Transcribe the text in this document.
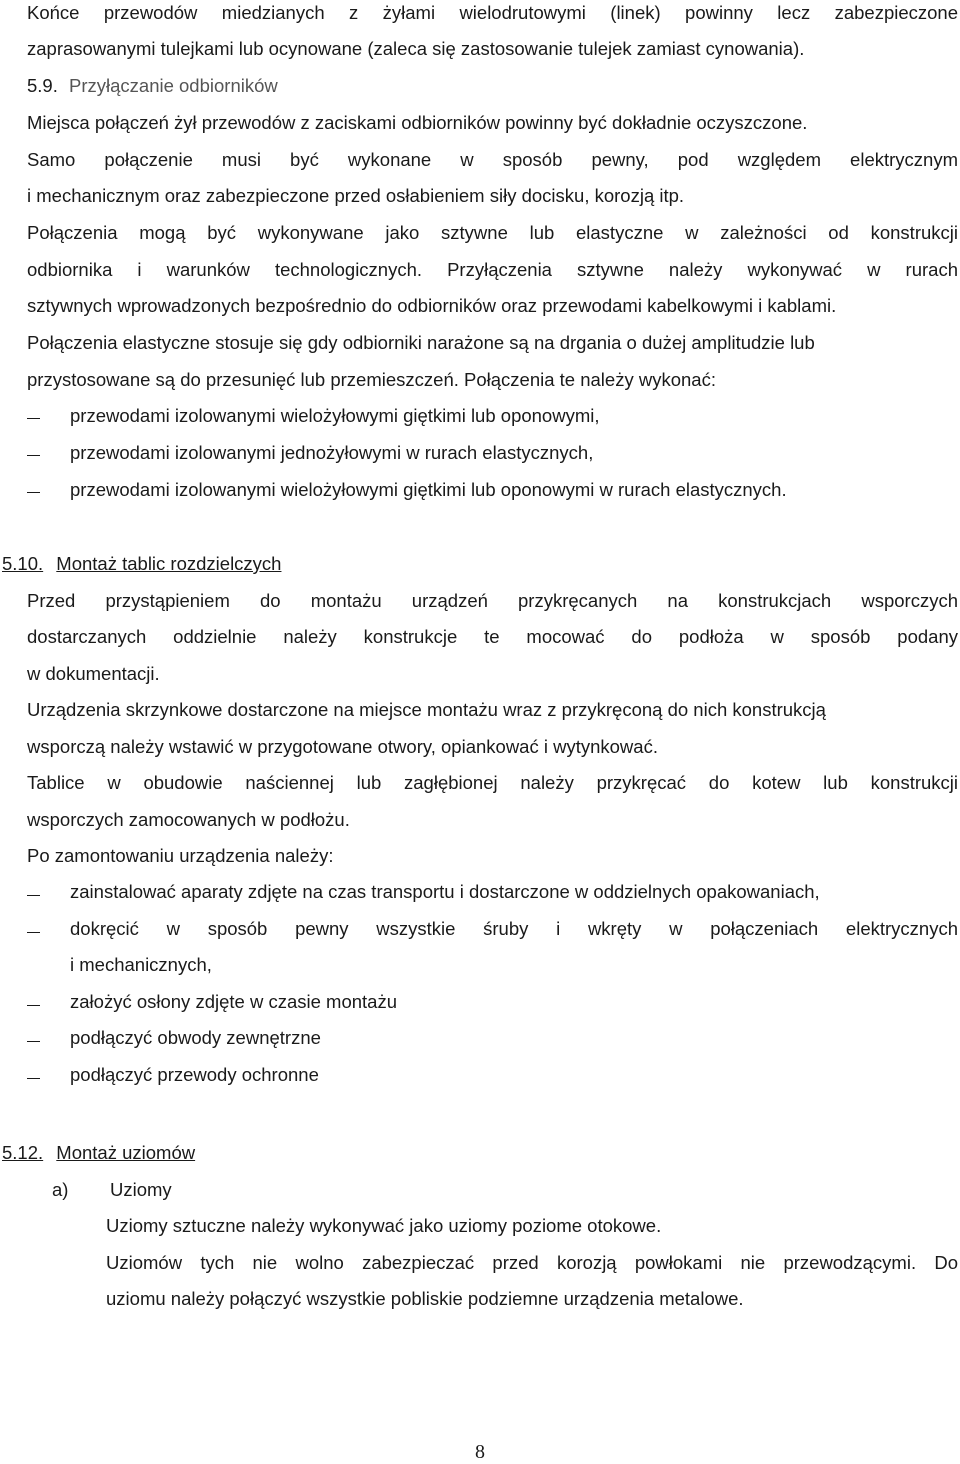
Końce przewodów miedzianych z żyłami wielodrutowymi (linek) powinny lecz zabezpieczone
zaprasowanymi tulejkami lub ocynowane (zaleca się zastosowanie tulejek zamiast cynowania).
5.9. Przyłączanie odbiorników
Miejsca połączeń żył przewodów z zaciskami odbiorników powinny być dokładnie oczyszczone.
Samo połączenie musi być wykonane w sposób pewny, pod względem elektrycznym
i mechanicznym oraz zabezpieczone przed osłabieniem siły docisku, korozją itp.
Połączenia mogą być wykonywane jako sztywne lub elastyczne w zależności od konstrukcji
odbiornika i warunków technologicznych. Przyłączenia sztywne należy wykonywać w rurach
sztywnych wprowadzonych bezpośrednio do odbiorników oraz przewodami kabelkowymi i kablami.
Połączenia elastyczne stosuje się gdy odbiorniki narażone są na drgania o dużej amplitudzie lub
przystosowane są do przesunięć lub przemieszczeń. Połączenia te należy wykonać:
przewodami izolowanymi wielożyłowymi giętkimi lub oponowymi,
przewodami izolowanymi jednożyłowymi w rurach elastycznych,
przewodami izolowanymi wielożyłowymi giętkimi lub oponowymi w rurach elastycznych.
5.10. Montaż tablic rozdzielczych
Przed przystąpieniem do montażu urządzeń przykręcanych na konstrukcjach wsporczych
dostarczanych oddzielnie należy konstrukcje te mocować do podłoża w sposób podany
w dokumentacji.
Urządzenia skrzynkowe dostarczone na miejsce montażu wraz z przykręconą do nich konstrukcją
wsporczą należy wstawić w przygotowane otwory, opiankować i wytynkować.
Tablice w obudowie naściennej lub zagłębionej należy przykręcać do kotew lub konstrukcji
wsporczych zamocowanych w podłożu.
Po zamontowaniu urządzenia należy:
zainstalować aparaty zdjęte na czas transportu i dostarczone w oddzielnych opakowaniach,
dokręcić w sposób pewny wszystkie śruby i wkręty w połączeniach elektrycznych
i mechanicznych,
założyć osłony zdjęte w czasie montażu
podłączyć obwody zewnętrzne
podłączyć przewody ochronne
5.12. Montaż uziomów
a) Uziomy
Uziomy sztuczne należy wykonywać jako uziomy poziome otokowe.
Uziomów tych nie wolno zabezpieczać przed korozją powłokami nie przewodzącymi. Do
uziomu należy połączyć wszystkie pobliskie podziemne urządzenia metalowe.
8
